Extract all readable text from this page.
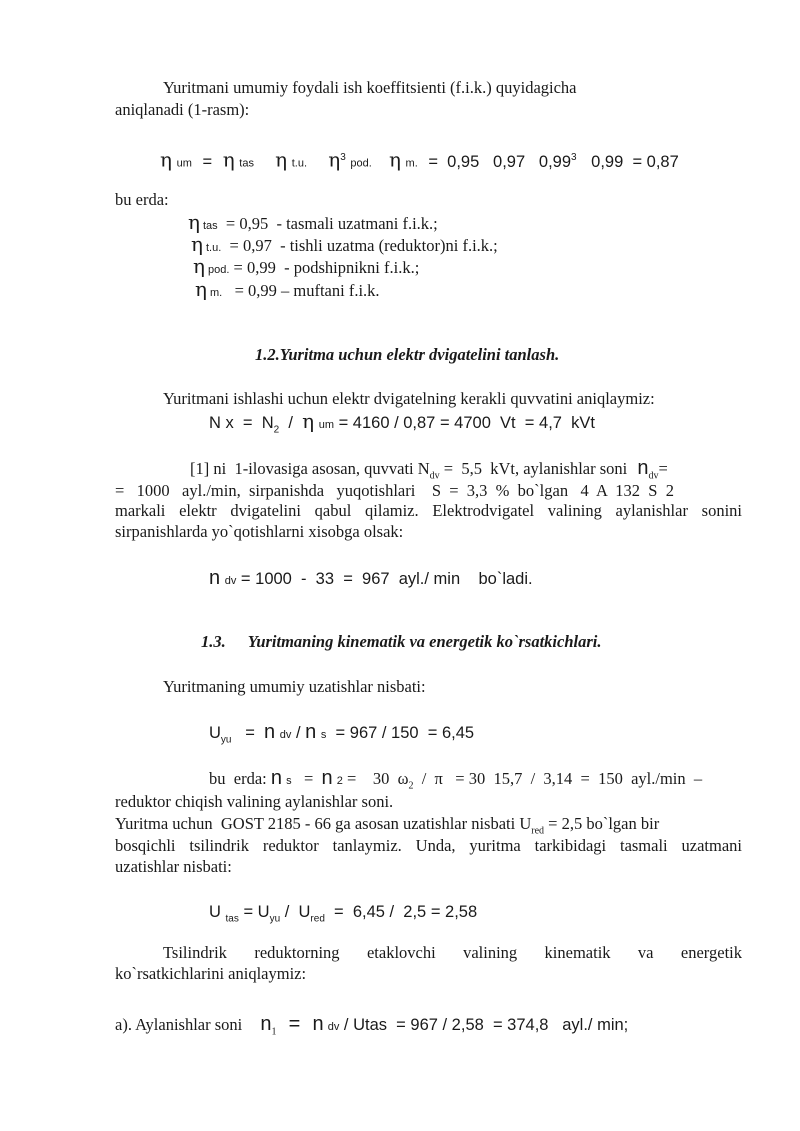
Yuritmani umumiy foydali ish koeffitsienti (f.i.k.) quyidagicha
aniqlanadi (1-rasm):
η um = η tas η t.u. $\eta^3$ pod. η m. =  0,95   0,97   0,99$^3$ 0,99  = 0,87
bu erda:
ηtas  = 0,95  - tasmali uzatmani f.i.k.;
ηt.u.  = 0,97  - tishli uzatma (reduktor)ni f.i.k.;
ηpod. = 0,99  - podshipnikni f.i.k.;
ηm.   = 0,99 – muftani f.i.k.
1.2.Yuritma uchun elektr dvigatelini tanlash.
Yuritmani ishlashi uchun elektr dvigatelning kerakli quvvatini aniqlaymiz:
N $x = N_2 / \eta$ um = 4160 / 0,87 = 4700  Vt  = 4,7  kVt
[1] ni  1-ilovasiga asosan, quvvati $N_{dv} = 5,5$  kVt, aylanishlar soni $n_{dv}=$
=   1000   ayl./min,  sirpanishda   yuqotishlari    S  =  3,3  %  bo`lgan   4  A  132  S  2
markali elektr dvigatelini qabul qilamiz. Elektrodvigatel valining aylanishlar sonini
sirpanishlarda yo`qotishlarni xisobga olsak:
n dv = 1000  -  33  =  967  ayl./ min    bo`ladi.
1.3. Yuritmaning kinematik va energetik ko`rsatkichlari.
Yuritmaning umumiy uzatishlar nisbati:
$U_{yu} = n$ dv / n s  = 967 / 150  = 6,45
bu  erda: n s   =  n 2 =    30  $\omega_2 / \pi = 30$  15,7  /  3,14  =  150  ayl./min  –
reduktor chiqish valining aylanishlar soni.
Yuritma uchun  GOST 2185 - 66 ga asosan uzatishlar nisbati $U_{red} = 2,5$ bo`lgan bir
bosqichli tsilindrik reduktor tanlaymiz. Unda, yuritma tarkibidagi tasmali uzatmani
uzatishlar nisbati:
U $_{tas} = U_{yu} / U_{red} = 6,45 / 2,5 = 2,58$
Tsilindrik reduktorning etaklovchi valining kinematik va energetik
ko`rsatkichlarini aniqlaymiz:
a). Aylanishlar soni $n_1 = n$ dv / Utas  = 967 / 2,58  = 374,8   ayl./ min;
